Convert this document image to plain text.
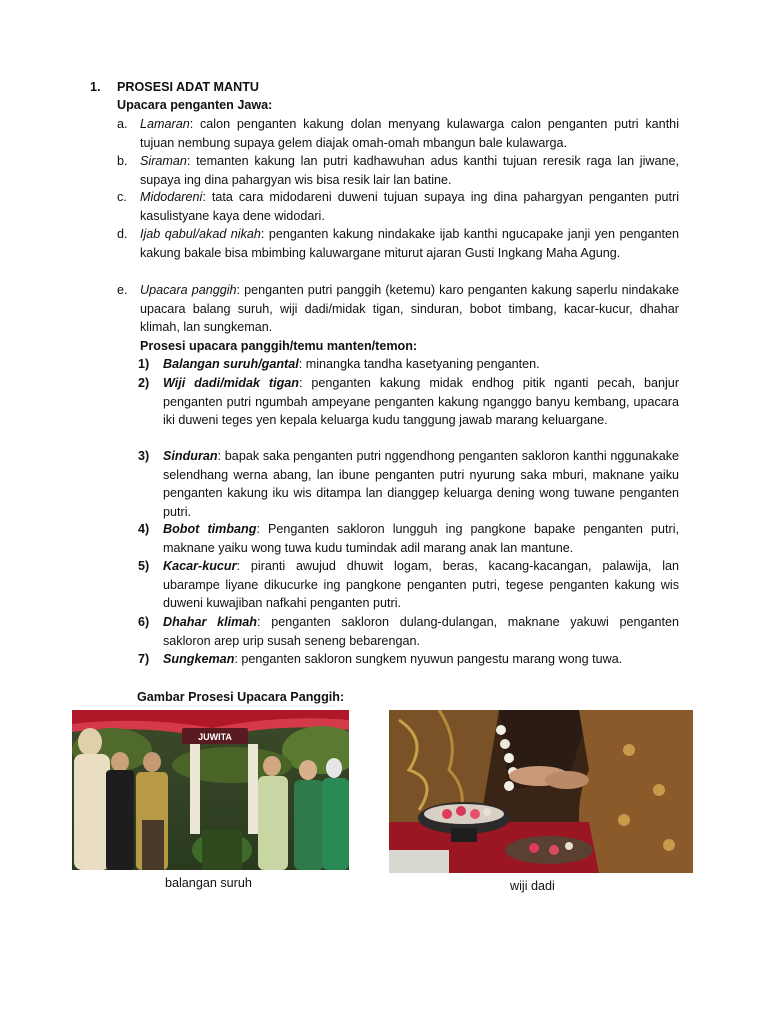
1. PROSESI ADAT MANTU
Upacara penganten Jawa:
a. Lamaran: calon penganten kakung dolan menyang kulawarga calon penganten putri kanthi tujuan nembung supaya gelem diajak omah-omah mbangun bale kulawarga.
b. Siraman: temanten kakung lan putri kadhawuhan adus kanthi tujuan reresik raga lan jiwane, supaya ing dina pahargyan wis bisa resik lair lan batine.
c. Midodareni: tata cara midodareni duweni tujuan supaya ing dina pahargyan penganten putri kasulistyane kaya dene widodari.
d. Ijab qabul/akad nikah: penganten kakung nindakake ijab kanthi ngucapake janji yen penganten kakung bakale bisa mbimbing kaluwargane miturut ajaran Gusti Ingkang Maha Agung.
e. Upacara panggih: penganten putri panggih (ketemu) karo penganten kakung saperlu nindakake upacara balang suruh, wiji dadi/midak tigan, sinduran, bobot timbang, kacar-kucur, dhahar klimah, lan sungkeman.
Prosesi upacara panggih/temu manten/temon:
1) Balangan suruh/gantal: minangka tandha kasetyaning penganten.
2) Wiji dadi/midak tigan: penganten kakung midak endhog pitik nganti pecah, banjur penganten putri ngumbah ampeyane penganten kakung nganggo banyu kembang, upacara iki duweni teges yen kepala keluarga kudu tanggung jawab marang keluargane.
3) Sinduran: bapak saka penganten putri nggendhong penganten sakloron kanthi nggunakake selendhang werna abang, lan ibune penganten putri nyurung saka mburi, maknane yaiku penganten kakung iku wis ditampa lan dianggep keluarga dening wong tuwane penganten putri.
4) Bobot timbang: Penganten sakloron lungguh ing pangkone bapake penganten putri, maknane yaiku wong tuwa kudu tumindak adil marang anak lan mantune.
5) Kacar-kucur: piranti awujud dhuwit logam, beras, kacang-kacangan, palawija, lan ubarampe liyane dikucurke ing pangkone penganten putri, tegese penganten kakung wis duweni kuwajiban nafkahi penganten putri.
6) Dhahar klimah: penganten sakloron dulang-dulangan, maknane yakuwi penganten sakloron arep urip susah seneng bebarengan.
7) Sungkeman: penganten sakloron sungkem nyuwun pangestu marang wong tuwa.
Gambar Prosesi Upacara Panggih:
JUWITA
balangan suruh	wiji dadi
